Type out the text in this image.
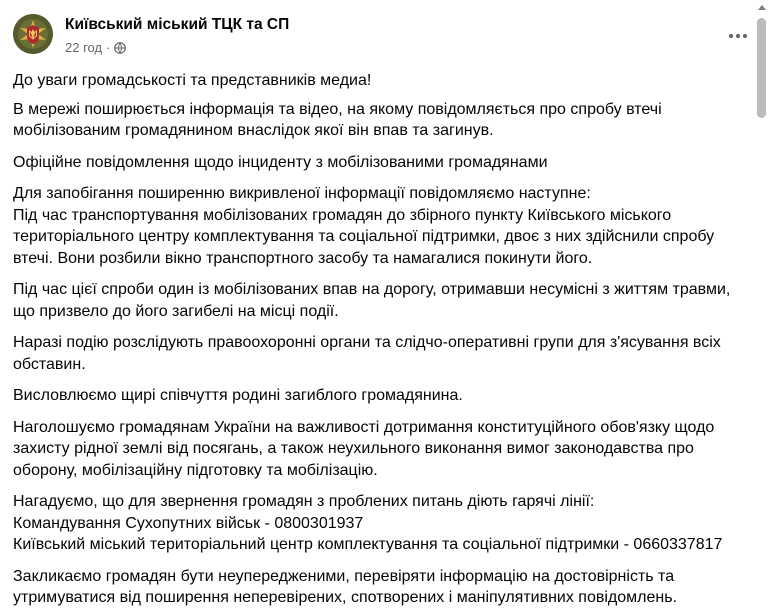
Київський міський ТЦК та СП
22 год ·

До уваги громадськості та представників медиа!

В мережі поширюється інформація та відео, на якому повідомляється про спробу втечі
мобілізованим громадянином внаслідок якої він впав та загинув.

Офіційне повідомлення щодо інциденту з мобілізованими громадянами

Для запобігання поширенню викривленої інформації повідомляємо наступне:
Під час транспортування мобілізованих громадян до збірного пункту Київського міського
територіального центру комплектування та соціальної підтримки, двоє з них здійснили спробу
втечі. Вони розбили вікно транспортного засобу та намагалися покинути його.

Під час цієї спроби один із мобілізованих впав на дорогу, отримавши несумісні з життям травми,
що призвело до його загибелі на місці події.

Наразі подію розслідують правоохоронні органи та слідчо-оперативні групи для з'ясування всіх
обставин.

Висловлюємо щирі співчуття родині загиблого громадянина.

Наголошуємо громадянам України на важливості дотримання конституційного обов'язку щодо
захисту рідної землі від посягань, а також неухильного виконання вимог законодавства про
оборону, мобілізаційну підготовку та мобілізацію.

Нагадуємо, що для звернення громадян з проблених питань діють гарячі лінії:
Командування Сухопутних військ - 0800301937
Київський міський територіальний центр комплектування та соціальної підтримки - 0660337817

Закликаємо громадян бути неупередженими, перевіряти інформацію на достовірність та
утримуватися від поширення неперевірених, спотворених і маніпулятивних повідомлень.
